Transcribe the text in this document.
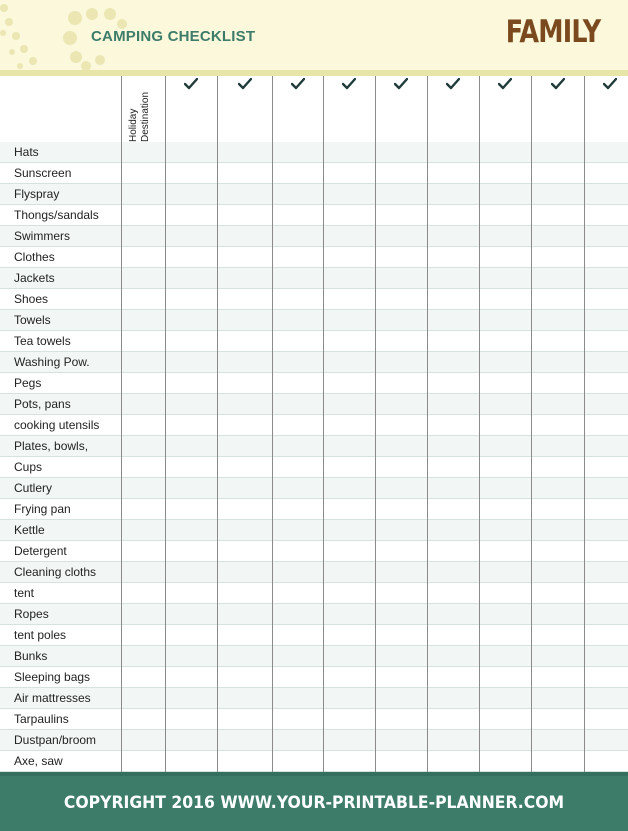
CAMPING CHECKLIST	FAMILY
Hats
Sunscreen
Flyspray
Thongs/sandals
Swimmers
Clothes
Jackets
Shoes
Towels
Tea towels
Washing Pow.
Pegs
Pots, pans
cooking utensils
Plates, bowls,
Cups
Cutlery
Frying pan
Kettle
Detergent
Cleaning cloths
tent
Ropes
tent poles
Bunks
Sleeping bags
Air mattresses
Tarpaulins
Dustpan/broom
Axe, saw
Holiday Destination
COPYRIGHT 2016 WWW.YOUR-PRINTABLE-PLANNER.COM
